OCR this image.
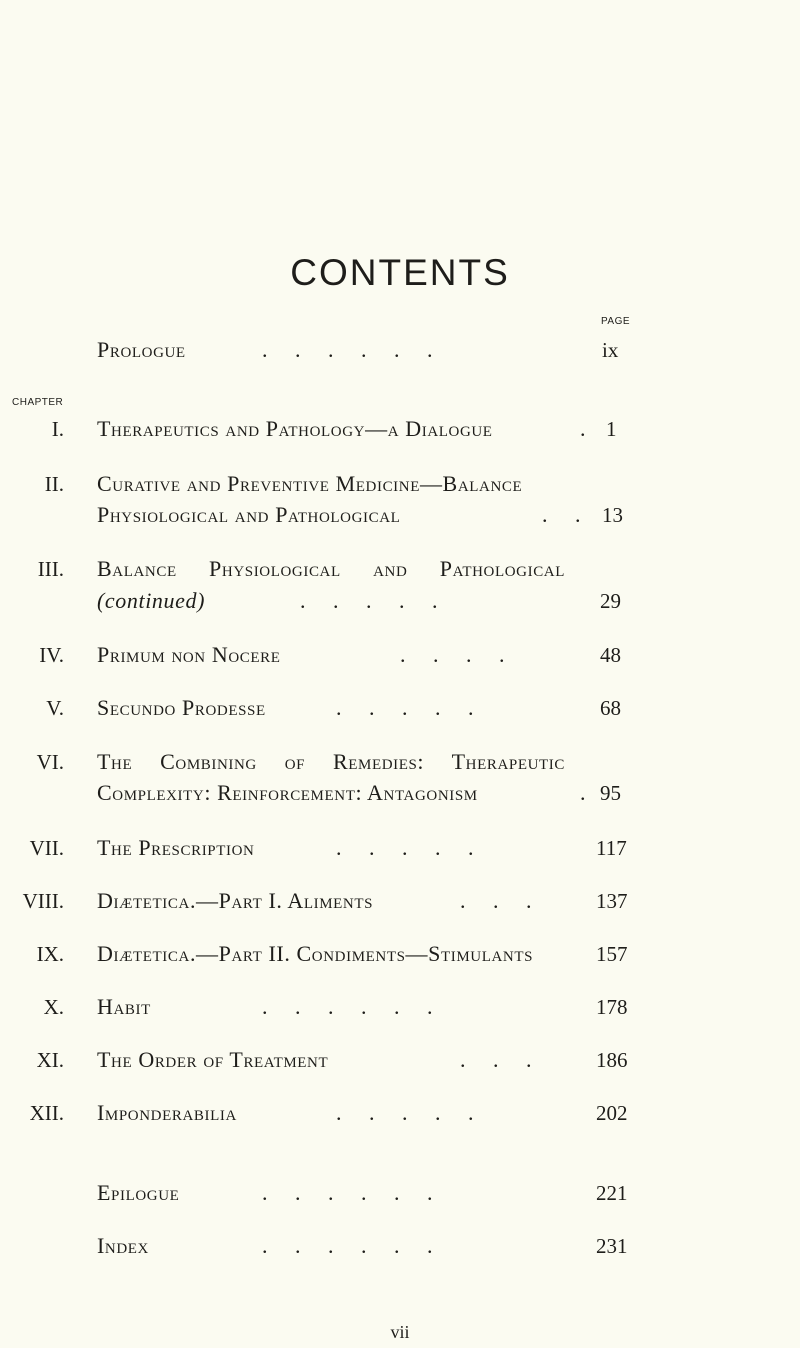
CONTENTS
PAGE
Prologue	.     .     .     .     .     .	ix
CHAPTER
I. Therapeutics and Pathology—a Dialogue	. 1
II. Curative and Preventive Medicine—Balance
Physiological and Pathological	.     . 13
III. Balance Physiological and Pathological
(continued)	.     .     .     .     .	29
IV. Primum non Nocere	.     .     .     .	48
V. Secundo Prodesse	.     .     .     .     .	68
VI. The Combining of Remedies: Therapeutic
Complexity: Reinforcement: Antagonism	. 95
VII. The Prescription	.     .     .     .     .	117
VIII. Diætetica.—Part I. Aliments	.     .     .	137
IX. Diætetica.—Part II. Condiments—Stimulants	157
X. Habit	.     .     .     .     .     .	178
XI. The Order of Treatment	.     .     .	186
XII. Imponderabilia	.     .     .     .     .	202
Epilogue	.     .     .     .     .     .	221
Index	.     .     .     .     .     .	231
vii
